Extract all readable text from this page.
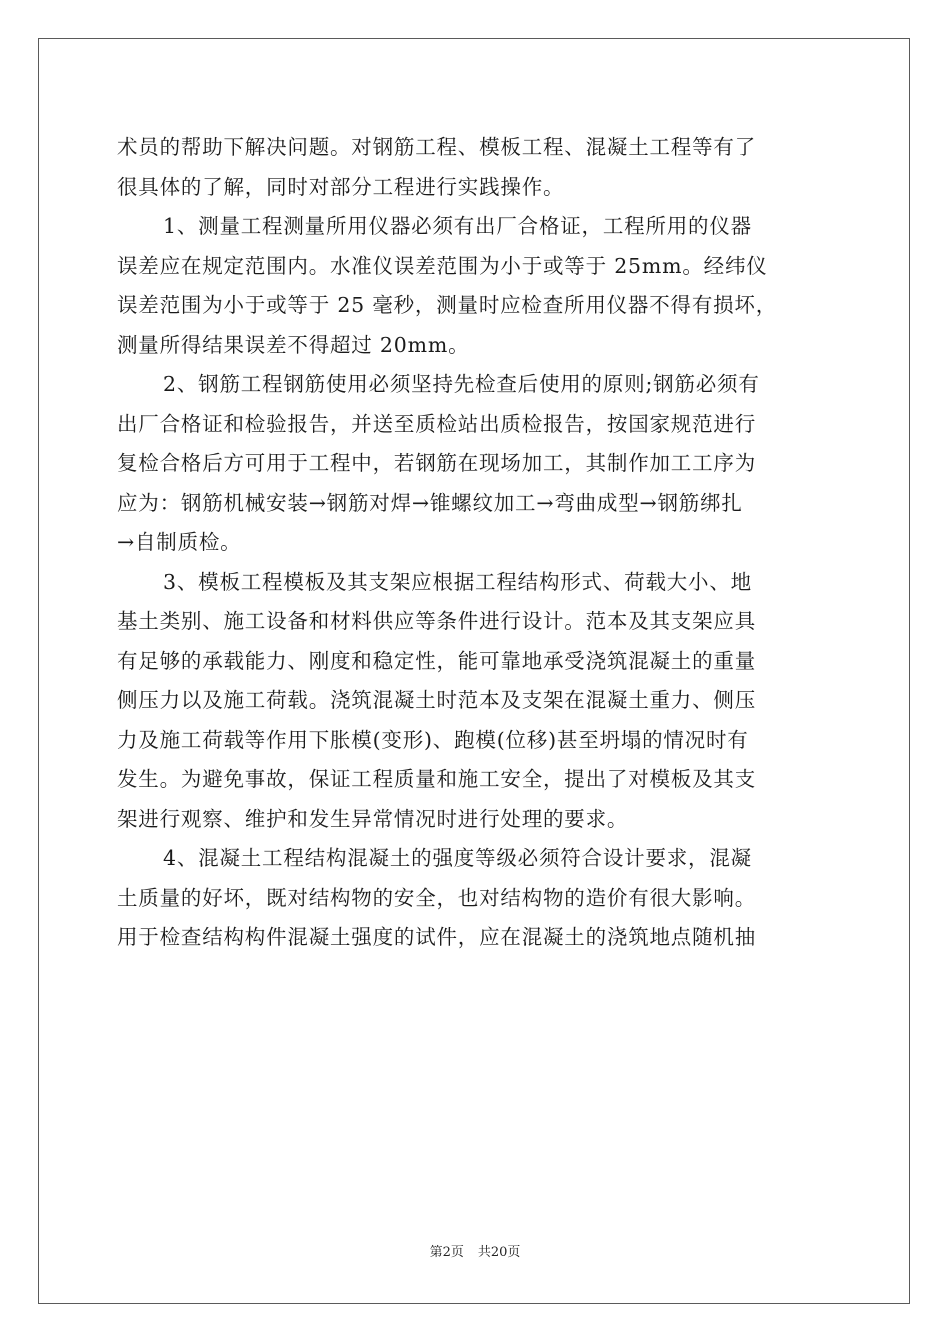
术员的帮助下解决问题。对钢筋工程、模板工程、混凝土工程等有了
很具体的了解，同时对部分工程进行实践操作。
1、测量工程测量所用仪器必须有出厂合格证，工程所用的仪器
误差应在规定范围内。水准仪误差范围为小于或等于 25mm。经纬仪
误差范围为小于或等于 25 毫秒，测量时应检查所用仪器不得有损坏，
测量所得结果误差不得超过 20mm。
2、钢筋工程钢筋使用必须坚持先检查后使用的原则;钢筋必须有
出厂合格证和检验报告，并送至质检站出质检报告，按国家规范进行
复检合格后方可用于工程中，若钢筋在现场加工，其制作加工工序为
应为：钢筋机械安装→钢筋对焊→锥螺纹加工→弯曲成型→钢筋绑扎
→自制质检。
3、模板工程模板及其支架应根据工程结构形式、荷载大小、地
基土类别、施工设备和材料供应等条件进行设计。范本及其支架应具
有足够的承载能力、刚度和稳定性，能可靠地承受浇筑混凝土的重量
侧压力以及施工荷载。浇筑混凝土时范本及支架在混凝土重力、侧压
力及施工荷载等作用下胀模(变形)、跑模(位移)甚至坍塌的情况时有
发生。为避免事故，保证工程质量和施工安全，提出了对模板及其支
架进行观察、维护和发生异常情况时进行处理的要求。
4、混凝土工程结构混凝土的强度等级必须符合设计要求，混凝
土质量的好坏，既对结构物的安全，也对结构物的造价有很大影响。
用于检查结构构件混凝土强度的试件，应在混凝土的浇筑地点随机抽
第2页 共20页
